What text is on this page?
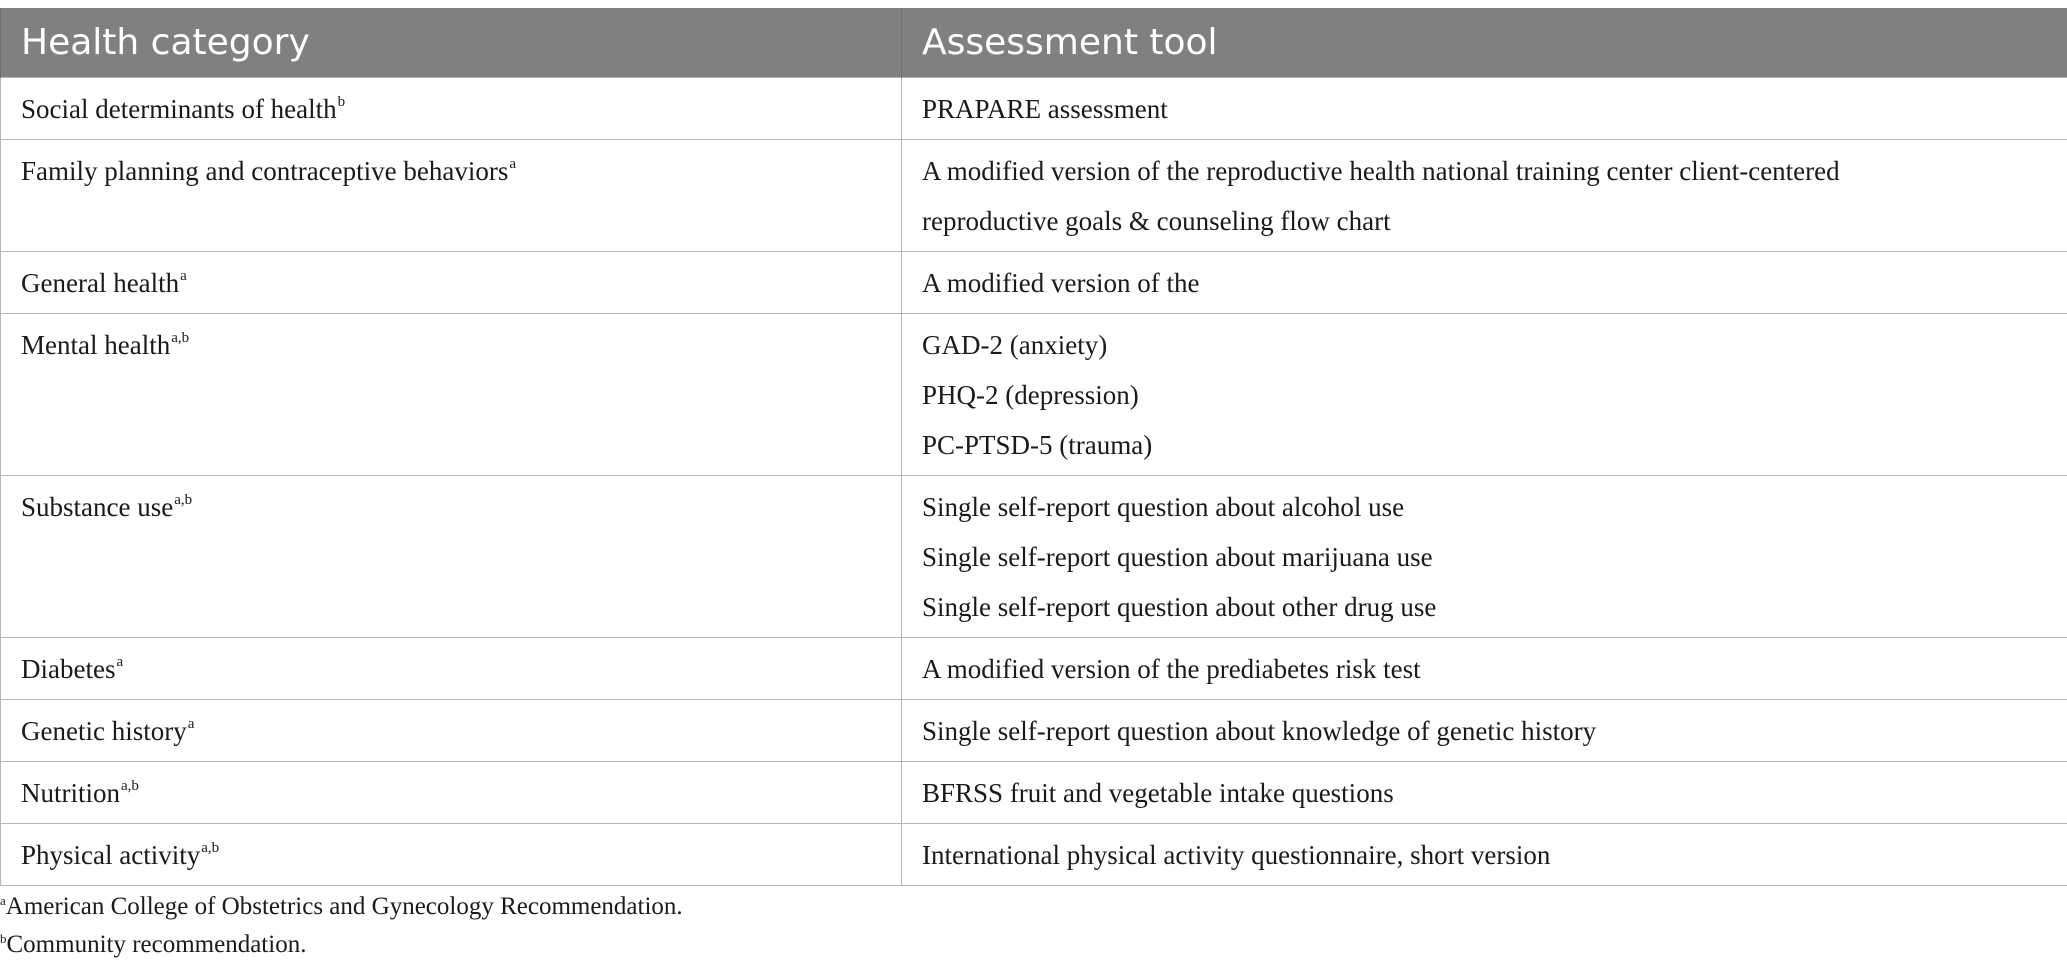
Health category	Assessment tool
Social determinants of health$^b$	PRAPARE assessment

Family planning and contraceptive behaviors$^a$	A modified version of the reproductive health national training center client-centered
reproductive goals & counseling flow chart

General health$^a$	A modified version of the

Mental health$^{a,b}$	GAD-2 (anxiety)
PHQ-2 (depression)
PC-PTSD-5 (trauma)

Substance use$^{a,b}$	Single self-report question about alcohol use
Single self-report question about marijuana use
Single self-report question about other drug use

Diabetes$^a$	A modified version of the prediabetes risk test

Genetic history$^a$	Single self-report question about knowledge of genetic history

Nutrition$^{a,b}$	BFRSS fruit and vegetable intake questions

Physical activity$^{a,b}$	International physical activity questionnaire, short version
$^a$American College of Obstetrics and Gynecology Recommendation.
$^b$Community recommendation.
